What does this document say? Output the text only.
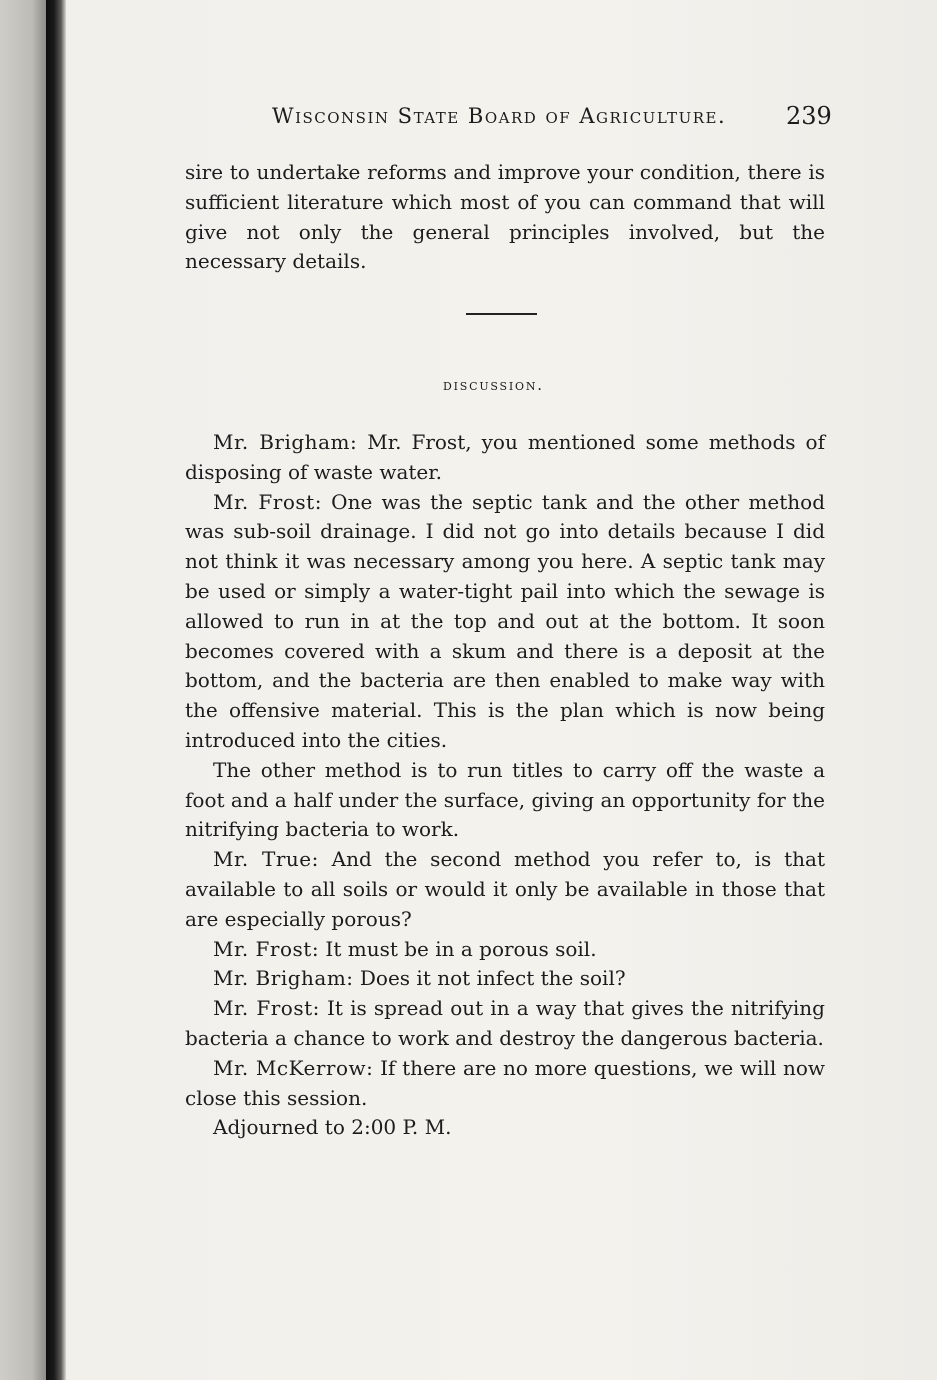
Wisconsin State Board of Agriculture. 239

sire to undertake reforms and improve your condition, there is sufficient literature which most of you can command that will give not only the general principles involved, but the necessary details.

discussion.

Mr. Brigham: Mr. Frost, you mentioned some methods of disposing of waste water.

Mr. Frost: One was the septic tank and the other method was sub-soil drainage. I did not go into details because I did not think it was necessary among you here. A septic tank may be used or simply a water-tight pail into which the sewage is allowed to run in at the top and out at the bottom. It soon becomes covered with a skum and there is a deposit at the bottom, and the bacteria are then enabled to make way with the offensive material. This is the plan which is now being introduced into the cities.

The other method is to run titles to carry off the waste a foot and a half under the surface, giving an opportunity for the nitrifying bacteria to work.

Mr. True: And the second method you refer to, is that available to all soils or would it only be available in those that are especially porous?

Mr. Frost: It must be in a porous soil.

Mr. Brigham: Does it not infect the soil?

Mr. Frost: It is spread out in a way that gives the nitrifying bacteria a chance to work and destroy the dangerous bacteria.

Mr. McKerrow: If there are no more questions, we will now close this session.

Adjourned to 2:00 P. M.
